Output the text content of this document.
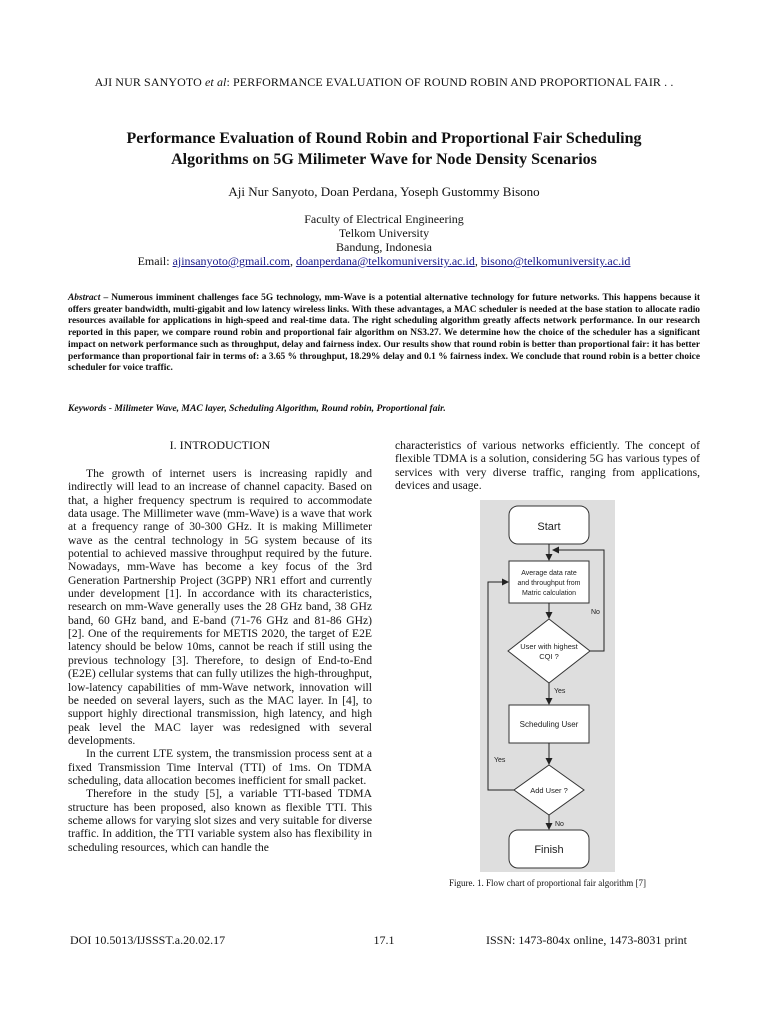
AJI NUR SANYOTO et al: PERFORMANCE EVALUATION OF ROUND ROBIN AND PROPORTIONAL FAIR . .
Performance Evaluation of Round Robin and Proportional Fair Scheduling
Algorithms on 5G Milimeter Wave for Node Density Scenarios
Aji Nur Sanyoto, Doan Perdana, Yoseph Gustommy Bisono
Faculty of Electrical Engineering
Telkom University
Bandung, Indonesia
Email: ajinsanyoto@gmail.com, doanperdana@telkomuniversity.ac.id, bisono@telkomuniversity.ac.id
Abstract – Numerous imminent challenges face 5G technology, mm-Wave is a potential alternative technology for future networks. This happens because it offers greater bandwidth, multi-gigabit and low latency wireless links. With these advantages, a MAC scheduler is needed at the base station to allocate radio resources available for applications in high-speed and real-time data. The right scheduling algorithm greatly affects network performance. In our research reported in this paper, we compare round robin and proportional fair algorithm on NS3.27. We determine how the choice of the scheduler has a significant impact on network performance such as throughput, delay and fairness index. Our results show that round robin is better than proportional fair: it has better performance than proportional fair in terms of: a 3.65 % throughput, 18.29% delay and 0.1 % fairness index. We conclude that round robin is a better choice scheduler for voice traffic.
Keywords - Milimeter Wave, MAC layer, Scheduling Algorithm, Round robin, Proportional fair.
I. INTRODUCTION

The growth of internet users is increasing rapidly and indirectly will lead to an increase of channel capacity. Based on that, a higher frequency spectrum is required to accommodate data usage. The Millimeter wave (mm-Wave) is a wave that work at a frequency range of 30-300 GHz. It is making Millimeter wave as the central technology in 5G system because of its potential to achieved massive throughput required by the future. Nowadays, mm-Wave has become a key focus of the 3rd Generation Partnership Project (3GPP) NR1 effort and currently under development [1]. In accordance with its characteristics, research on mm-Wave generally uses the 28 GHz band, 38 GHz band, 60 GHz band, and E-band (71-76 GHz and 81-86 GHz) [2]. One of the requirements for METIS 2020, the target of E2E latency should be below 10ms, cannot be reach if still using the previous technology [3]. Therefore, to design of End-to-End (E2E) cellular systems that can fully utilizes the high-throughput, low-latency capabilities of mm-Wave network, innovation will be needed on several layers, such as the MAC layer. In [4], to support highly directional transmission, high latency, and high peak level the MAC layer was redesigned with several developments.

In the current LTE system, the transmission process sent at a fixed Transmission Time Interval (TTI) of 1ms. On TDMA scheduling, data allocation becomes inefficient for small packet.

Therefore in the study [5], a variable TTI-based TDMA structure has been proposed, also known as flexible TTI. This scheme allows for varying slot sizes and very suitable for diverse traffic. In addition, the TTI variable system also has flexibility in scheduling resources, which can handle the

characteristics of various networks efficiently. The concept of flexible TDMA is a solution, considering 5G has various types of services with very diverse traffic, ranging from applications, devices and usage.

Start
Average data rate
and throughput from
Matric calculation
User with highest
CQI ?
No
Yes
Scheduling User
Add User ?
Yes
No
Finish
Figure. 1. Flow chart of proportional fair algorithm [7]
DOI 10.5013/IJSSST.a.20.02.17	17.1	ISSN: 1473-804x online, 1473-8031 print
